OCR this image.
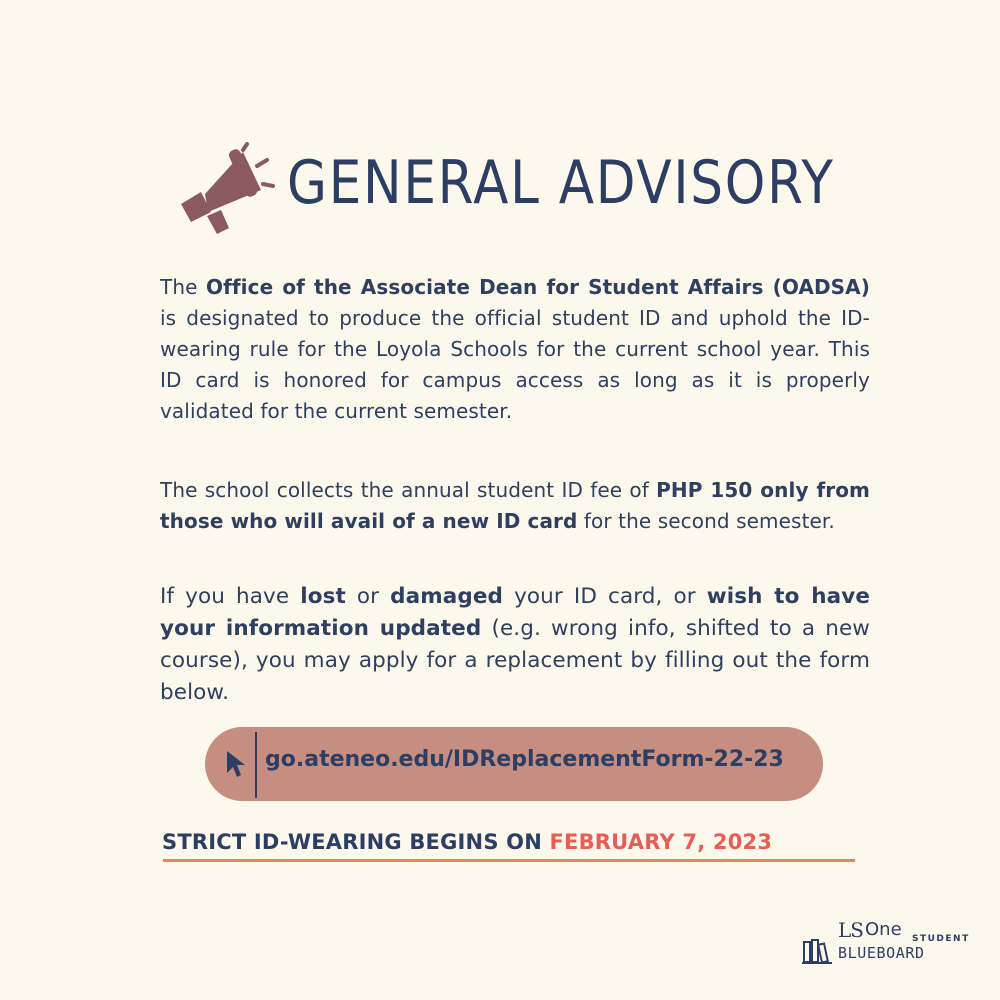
GENERAL ADVISORY
The Office of the Associate Dean for Student Affairs (OADSA) is designated to produce the official student ID and uphold the ID-wearing rule for the Loyola Schools for the current school year. This ID card is honored for campus access as long as it is properly validated for the current semester.
The school collects the annual student ID fee of PHP 150 only from those who will avail of a new ID card for the second semester.
If you have lost or damaged your ID card, or wish to have your information updated (e.g. wrong info, shifted to a new course), you may apply for a replacement by filling out the form below.
go.ateneo.edu/IDReplacementForm-22-23
STRICT ID-WEARING BEGINS ON FEBRUARY 7, 2023
LS One STUDENT
BLUEBOARD
